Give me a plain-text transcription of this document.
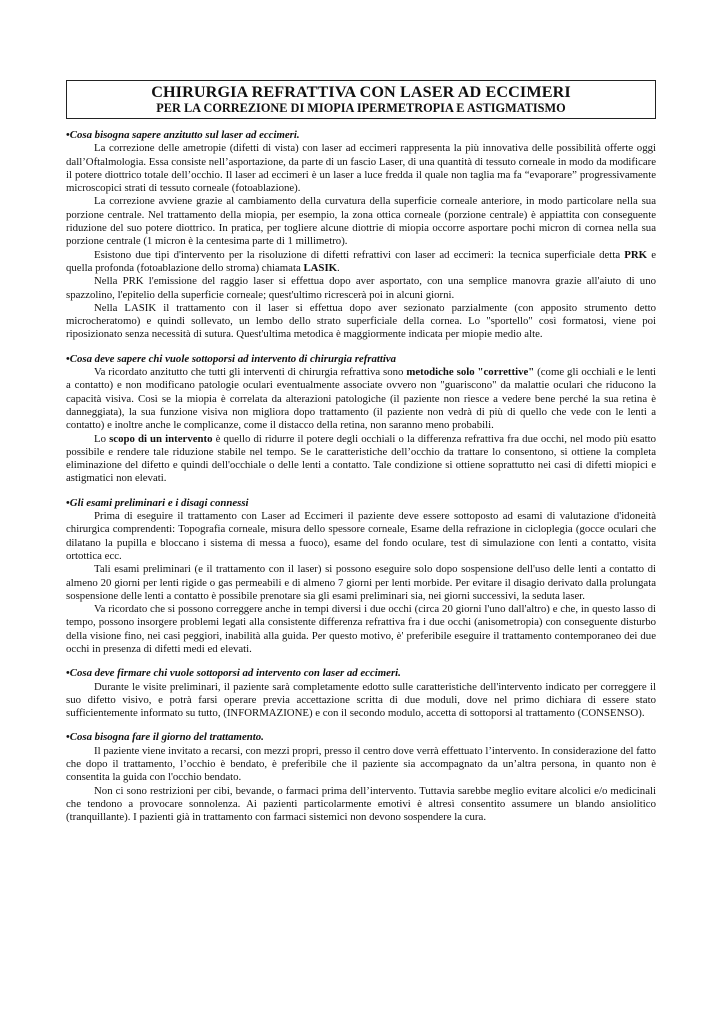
CHIRURGIA REFRATTIVA CON LASER AD ECCIMERI
PER LA CORREZIONE DI MIOPIA IPERMETROPIA E ASTIGMATISMO
•Cosa bisogna sapere anzitutto sul laser ad eccimeri.

La correzione delle ametropie (difetti di vista) con laser ad eccimeri rappresenta la più innovativa delle possibilità offerte oggi dall’Oftalmologia. Essa consiste nell’asportazione, da parte di un fascio Laser, di una quantità di tessuto corneale in modo da modificare il potere diottrico totale dell’occhio. Il laser ad eccimeri è un laser a luce fredda il quale non taglia ma fa “evaporare” progressivamente microscopici strati di tessuto corneale (fotoablazione).

La correzione avviene grazie al cambiamento della curvatura della superficie corneale anteriore, in modo particolare nella sua porzione centrale. Nel trattamento della miopia, per esempio, la zona ottica corneale (porzione centrale) è appiattita con conseguente riduzione del suo potere diottrico. In pratica, per togliere alcune diottrie di miopia occorre asportare pochi micron di cornea nella sua porzione centrale (1 micron è la centesima parte di 1 millimetro).

Esistono due tipi d'intervento per la risoluzione di difetti refrattivi con laser ad eccimeri: la tecnica superficiale detta PRK e quella profonda (fotoablazione dello stroma) chiamata LASIK.

Nella PRK l'emissione del raggio laser si effettua dopo aver asportato, con una semplice manovra grazie all'aiuto di uno spazzolino, l'epitelio della superficie corneale; quest'ultimo ricrescerà poi in alcuni giorni.

Nella LASIK il trattamento con il laser si effettua dopo aver sezionato parzialmente (con apposito strumento detto microcheratomo) e quindi sollevato, un lembo dello strato superficiale della cornea. Lo "sportello" così formatosi, viene poi riposizionato senza necessità di sutura. Quest'ultima metodica è maggiormente indicata per miopie medio alte.

•Cosa deve sapere chi vuole sottoporsi ad intervento di chirurgia refrattiva

Va ricordato anzitutto che tutti gli interventi di chirurgia refrattiva sono metodiche solo "correttive" (come gli occhiali e le lenti a contatto) e non modificano patologie oculari eventualmente associate ovvero non "guariscono" da malattie oculari che riducono la capacità visiva. Così se la miopia è correlata da alterazioni patologiche (il paziente non riesce a vedere bene perché la sua retina è danneggiata), la sua funzione visiva non migliora dopo trattamento (il paziente non vedrà di più di quello che vede con le lenti a contatto) e inoltre anche le complicanze, come il distacco della retina, non saranno meno probabili.

Lo scopo di un intervento è quello di ridurre il potere degli occhiali o la differenza refrattiva fra due occhi, nel modo più esatto possibile e rendere tale riduzione stabile nel tempo. Se le caratteristiche dell’occhio da trattare lo consentono, si ottiene la completa eliminazione del difetto e quindi dell'occhiale o delle lenti a contatto. Tale condizione si ottiene soprattutto nei casi di difetti miopici e astigmatici non elevati.

•Gli esami preliminari e i disagi connessi

Prima di eseguire il trattamento con Laser ad Eccimeri il paziente deve essere sottoposto ad esami di valutazione d'idoneità chirurgica comprendenti: Topografia corneale, misura dello spessore corneale, Esame della refrazione in cicloplegia (gocce oculari che dilatano la pupilla e bloccano i sistema di messa a fuoco), esame del fondo oculare, test di simulazione con lenti a contatto, visita ortottica ecc.

Tali esami preliminari (e il trattamento con il laser) si possono eseguire solo dopo sospensione dell'uso delle lenti a contatto di almeno 20 giorni per lenti rigide o gas permeabili e di almeno 7 giorni per lenti morbide. Per evitare il disagio derivato dalla prolungata sospensione delle lenti a contatto è possibile prenotare sia gli esami preliminari sia, nei giorni successivi, la seduta laser.

Va ricordato che si possono correggere anche in tempi diversi i due occhi (circa 20 giorni l'uno dall'altro) e che, in questo lasso di tempo, possono insorgere problemi legati alla consistente differenza refrattiva fra i due occhi (anisometropia) con conseguente disturbo della visione fino, nei casi peggiori, inabilità alla guida. Per questo motivo, è' preferibile eseguire il trattamento contemporaneo dei due occhi in presenza di difetti medi ed elevati.

•Cosa deve firmare chi vuole sottoporsi ad intervento con laser ad eccimeri.

Durante le visite preliminari, il paziente sarà completamente edotto sulle caratteristiche dell'intervento indicato per correggere il suo difetto visivo, e potrà farsi operare previa accettazione scritta di due moduli, dove nel primo dichiara di essere stato sufficientemente informato su tutto, (INFORMAZIONE) e con il secondo modulo, accetta di sottoporsi al trattamento (CONSENSO).

•Cosa bisogna fare il giorno del trattamento.

Il paziente viene invitato a recarsi, con mezzi propri, presso il centro dove verrà effettuato l’intervento. In considerazione del fatto che dopo il trattamento, l’occhio è bendato, è preferibile che il paziente sia accompagnato da un’altra persona, in quanto non è consentita la guida con l'occhio bendato.

Non ci sono restrizioni per cibi, bevande, o farmaci prima dell’intervento. Tuttavia sarebbe meglio evitare alcolici e/o medicinali che tendono a provocare sonnolenza. Ai pazienti particolarmente emotivi è altresì consentito assumere un blando ansiolitico (tranquillante). I pazienti già in trattamento con farmaci sistemici non devono sospendere la cura.
